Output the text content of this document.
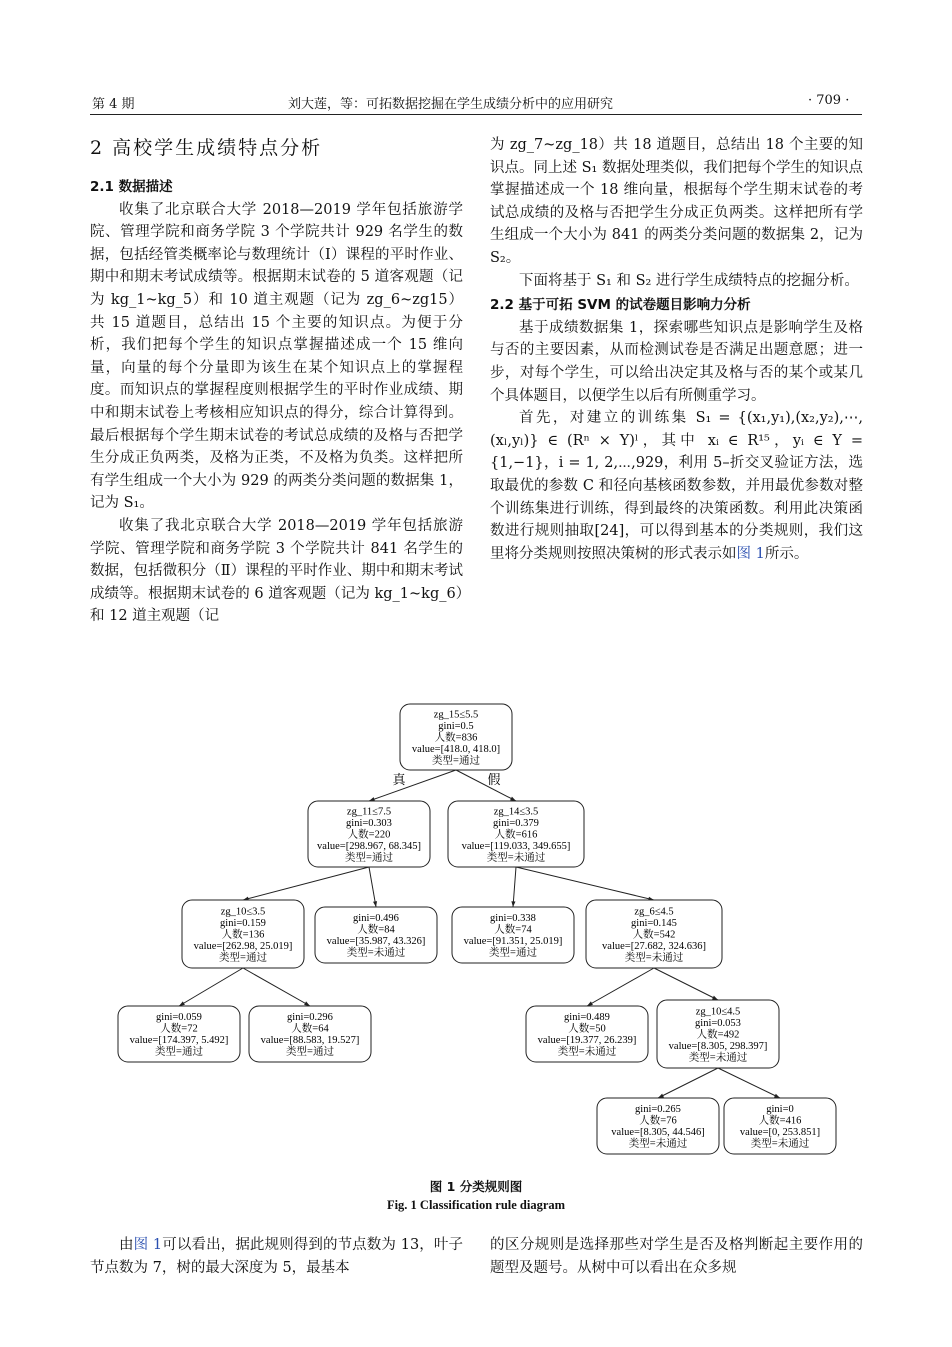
第 4 期	刘大莲，等：可拓数据挖掘在学生成绩分析中的应用研究	· 709 ·
2 高校学生成绩特点分析
2.1 数据描述

收集了北京联合大学 2018—2019 学年包括旅游学院、管理学院和商务学院 3 个学院共计 929 名学生的数据，包括经管类概率论与数理统计（Ⅰ）课程的平时作业、期中和期末考试成绩等。根据期末试卷的 5 道客观题（记为 kg_1~kg_5）和 10 道主观题（记为 zg_6~zg15）共 15 道题目，总结出 15 个主要的知识点。为便于分析，我们把每个学生的知识点掌握描述成一个 15 维向量，向量的每个分量即为该生在某个知识点上的掌握程度。而知识点的掌握程度则根据学生的平时作业成绩、期中和期末试卷上考核相应知识点的得分，综合计算得到。最后根据每个学生期末试卷的考试总成绩的及格与否把学生分成正负两类，及格为正类，不及格为负类。这样把所有学生组成一个大小为 929 的两类分类问题的数据集 1，记为 S₁。

收集了我北京联合大学 2018—2019 学年包括旅游学院、管理学院和商务学院 3 个学院共计 841 名学生的数据，包括微积分（Ⅱ）课程的平时作业、期中和期末考试成绩等。根据期末试卷的 6 道客观题（记为 kg_1~kg_6）和 12 道主观题（记

为 zg_7~zg_18）共 18 道题目，总结出 18 个主要的知识点。同上述 S₁ 数据处理类似，我们把每个学生的知识点掌握描述成一个 18 维向量，根据每个学生期末试卷的考试总成绩的及格与否把学生分成正负两类。这样把所有学生组成一个大小为 841 的两类分类问题的数据集 2，记为 S₂。

下面将基于 S₁ 和 S₂ 进行学生成绩特点的挖掘分析。

2.2 基于可拓 SVM 的试卷题目影响力分析

基于成绩数据集 1，探索哪些知识点是影响学生及格与否的主要因素，从而检测试卷是否满足出题意愿；进一步，对每个学生，可以给出决定其及格与否的某个或某几个具体题目，以便学生以后有所侧重学习。

首先，对建立的训练集 S₁ = {(x₁,y₁),(x₂,y₂),⋯,(xₗ,yₗ)} ∈ (Rⁿ × Y)ˡ，其中 xᵢ ∈ R¹⁵，yᵢ ∈ Y = {1,−1}，i = 1, 2,⋯,929，利用 5–折交叉验证方法，选取最优的参数 C 和径向基核函数参数，并用最优参数对整个训练集进行训练，得到最终的决策函数。利用此决策函数进行规则抽取[24]，可以得到基本的分类规则，我们这里将分类规则按照决策树的形式表示如图 1所示。

zg_15≤5.5
gini=0.5
人数=836
value=[418.0, 418.0]
类型=通过
zg_11≤7.5
gini=0.303
人数=220
value=[298.967, 68.345]
类型=通过
zg_14≤3.5
gini=0.379
人数=616
value=[119.033, 349.655]
类型=未通过
zg_10≤3.5
gini=0.159
人数=136
value=[262.98, 25.019]
类型=通过
gini=0.496
人数=84
value=[35.987, 43.326]
类型=未通过
gini=0.338
人数=74
value=[91.351, 25.019]
类型=通过
zg_6≤4.5
gini=0.145
人数=542
value=[27.682, 324.636]
类型=未通过
gini=0.059
人数=72
value=[174.397, 5.492]
类型=通过
gini=0.296
人数=64
value=[88.583, 19.527]
类型=通过
gini=0.489
人数=50
value=[19.377, 26.239]
类型=未通过
zg_10≤4.5
gini=0.053
人数=492
value=[8.305, 298.397]
类型=未通过
gini=0.265
人数=76
value=[8.305, 44.546]
类型=未通过
gini=0
人数=416
value=[0, 253.851]
类型=未通过
真	假
图 1 分类规则图
Fig. 1 Classification rule diagram

由图 1可以看出，据此规则得到的节点数为 13，叶子节点数为 7，树的最大深度为 5，最基本

的区分规则是选择那些对学生是否及格判断起主要作用的题型及题号。从树中可以看出在众多规
